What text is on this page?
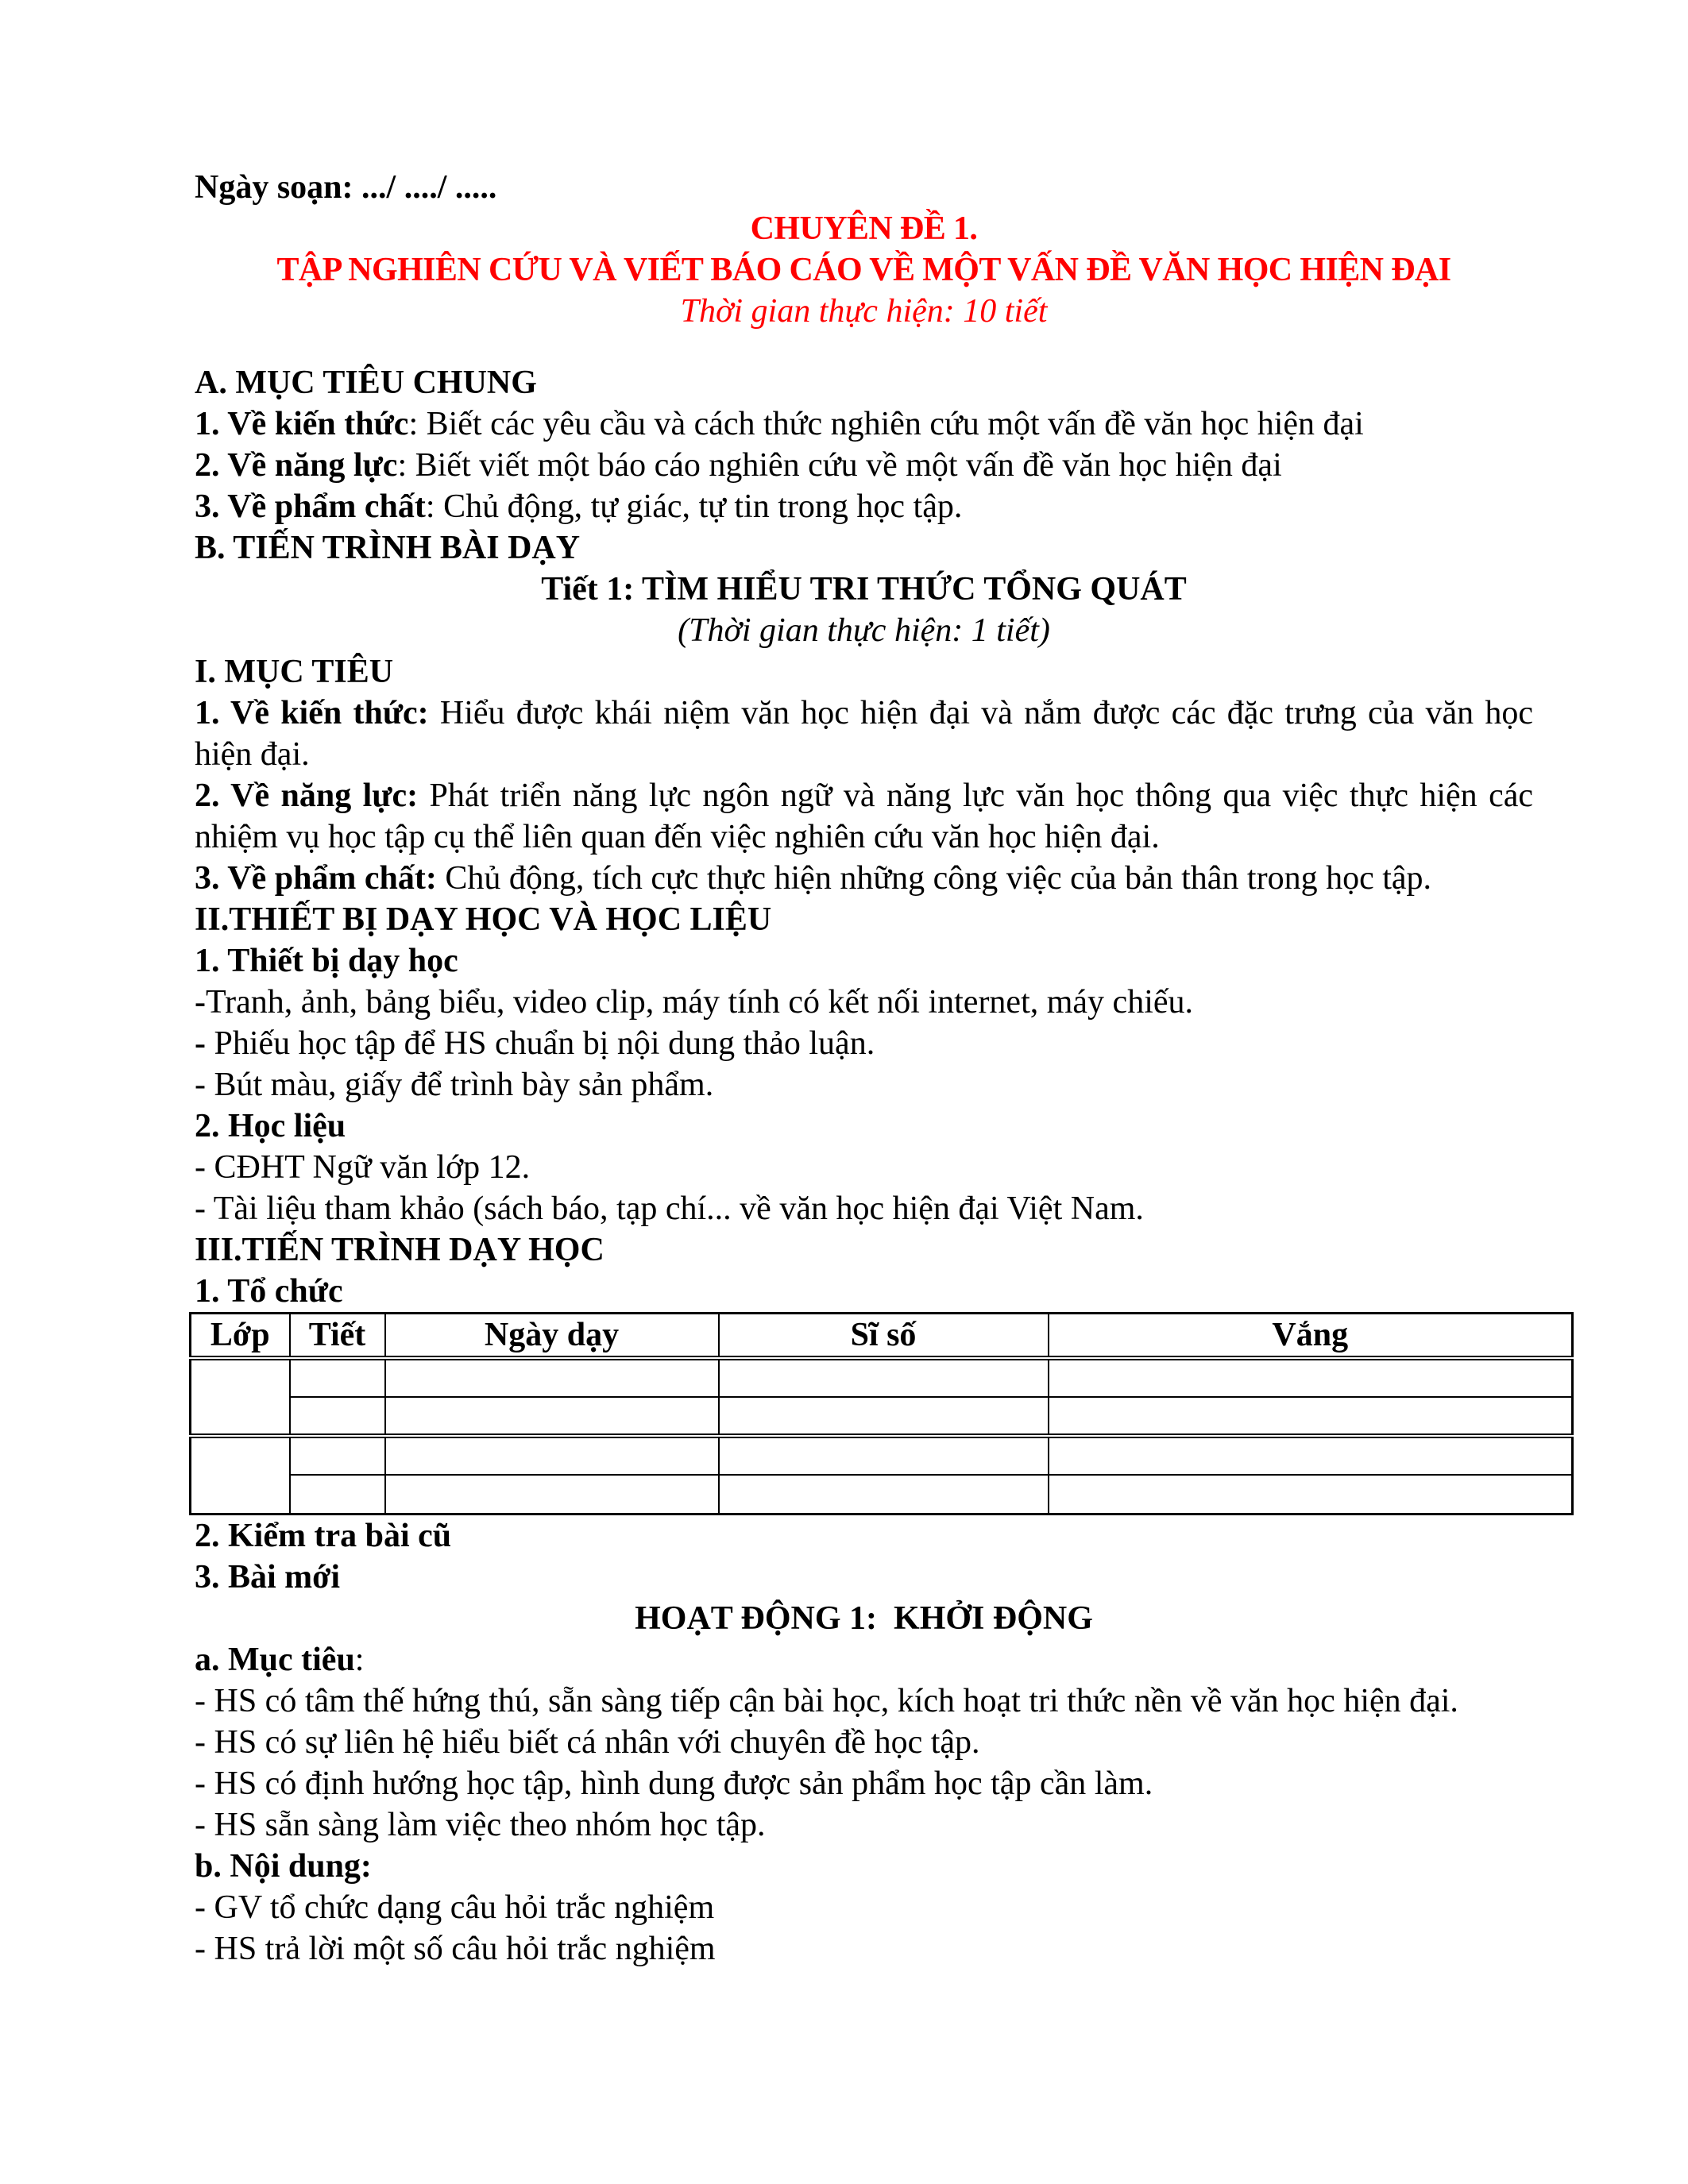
Ngày soạn: .../ ..../ .....

CHUYÊN ĐỀ 1.

TẬP NGHIÊN CỨU VÀ VIẾT BÁO CÁO VỀ MỘT VẤN ĐỀ VĂN HỌC HIỆN ĐẠI

Thời gian thực hiện: 10 tiết

A. MỤC TIÊU CHUNG

1. Về kiến thức: Biết các yêu cầu và cách thức nghiên cứu một vấn đề văn học hiện đại

2. Về năng lực: Biết viết một báo cáo nghiên cứu về một vấn đề văn học hiện đại

3. Về phẩm chất: Chủ động, tự giác, tự tin trong học tập.

B. TIẾN TRÌNH BÀI DẠY

Tiết 1: TÌM HIỂU TRI THỨC TỔNG QUÁT

(Thời gian thực hiện: 1 tiết)

I. MỤC TIÊU

1. Về kiến thức: Hiểu được khái niệm văn học hiện đại và nắm được các đặc trưng của văn học hiện đại.

2. Về năng lực: Phát triển năng lực ngôn ngữ và năng lực văn học thông qua việc thực hiện các nhiệm vụ học tập cụ thể liên quan đến việc nghiên cứu văn học hiện đại.

3. Về phẩm chất: Chủ động, tích cực thực hiện những công việc của bản thân trong học tập.

II.THIẾT BỊ DẠY HỌC VÀ HỌC LIỆU

1. Thiết bị dạy học

-Tranh, ảnh, bảng biểu, video clip, máy tính có kết nối internet, máy chiếu.

- Phiếu học tập để HS chuẩn bị nội dung thảo luận.

- Bút màu, giấy để trình bày sản phẩm.

2. Học liệu

- CĐHT Ngữ văn lớp 12.

- Tài liệu tham khảo (sách báo, tạp chí... về văn học hiện đại Việt Nam.

III.TIẾN TRÌNH DẠY HỌC

1. Tổ chức

Lớp	Tiết	Ngày dạy	Sĩ số	Vắng

2. Kiểm tra bài cũ

3. Bài mới

HOẠT ĐỘNG 1:  KHỞI ĐỘNG

a. Mục tiêu:

- HS có tâm thế hứng thú, sẵn sàng tiếp cận bài học, kích hoạt tri thức nền về văn học hiện đại.

- HS có sự liên hệ hiểu biết cá nhân với chuyên đề học tập.

- HS có định hướng học tập, hình dung được sản phẩm học tập cần làm.

- HS sẵn sàng làm việc theo nhóm học tập.

b. Nội dung:

- GV tổ chức dạng câu hỏi trắc nghiệm

- HS trả lời một số câu hỏi trắc nghiệm
